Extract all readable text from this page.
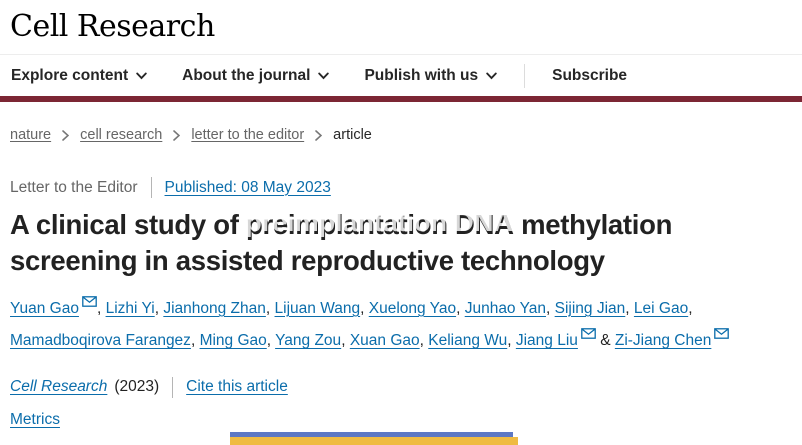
Cell Research
Explore content	About the journal	Publish with us	Subscribe
nature cell research letter to the editor article
Letter to the Editor Published: 08 May 2023
A clinical study of preimplantation DNA preimplantation DNA methylation screening in assisted reproductive technology
Yuan Gao , Lizhi Yi, Jianhong Zhan, Lijuan Wang, Xuelong Yao, Junhao Yan, Sijing Jian, Lei Gao,
Mamadboqirova Farangez, Ming Gao, Yang Zou, Xuan Gao, Keliang Wu, Jiang Liu & Zi-Jiang Chen
Cell Research (2023) Cite this article
Metrics
